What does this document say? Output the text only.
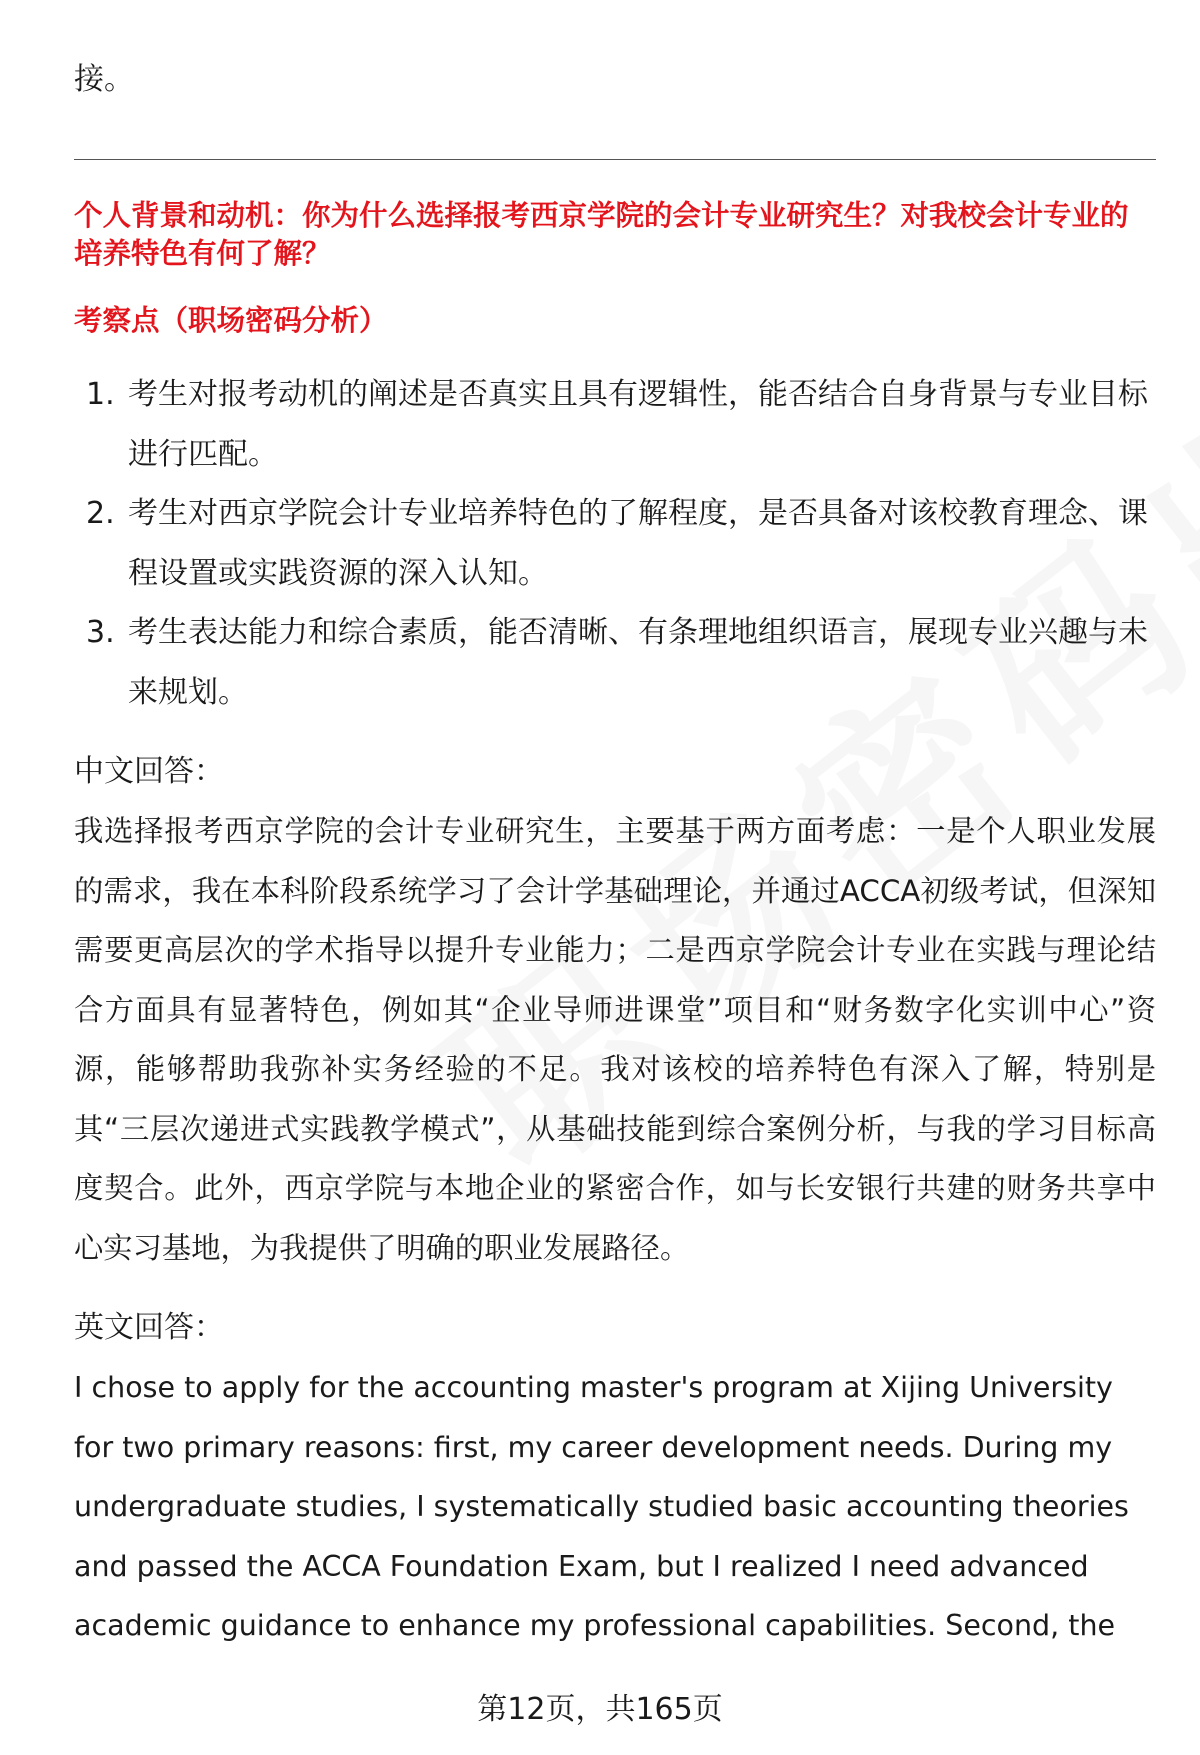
接。

个人背景和动机：你为什么选择报考西京学院的会计专业研究生？对我校会计专业的培养特色有何了解？

考察点（职场密码分析）

1. 考生对报考动机的阐述是否真实且具有逻辑性，能否结合自身背景与专业目标进行匹配。
2. 考生对西京学院会计专业培养特色的了解程度，是否具备对该校教育理念、课程设置或实践资源的深入认知。
3. 考生表达能力和综合素质，能否清晰、有条理地组织语言，展现专业兴趣与未来规划。

中文回答：

我选择报考西京学院的会计专业研究生，主要基于两方面考虑：一是个人职业发展的需求，我在本科阶段系统学习了会计学基础理论，并通过ACCA初级考试，但深知需要更高层次的学术指导以提升专业能力；二是西京学院会计专业在实践与理论结合方面具有显著特色，例如其“企业导师进课堂”项目和“财务数字化实训中心”资源，能够帮助我弥补实务经验的不足。我对该校的培养特色有深入了解，特别是其“三层次递进式实践教学模式”，从基础技能到综合案例分析，与我的学习目标高度契合。此外，西京学院与本地企业的紧密合作，如与长安银行共建的财务共享中心实习基地，为我提供了明确的职业发展路径。

英文回答：

I chose to apply for the accounting master's program at Xijing University for two primary reasons: first, my career development needs. During my undergraduate studies, I systematically studied basic accounting theories and passed the ACCA Foundation Exam, but I realized I need advanced academic guidance to enhance my professional capabilities. Second, the

第12页，共165页
